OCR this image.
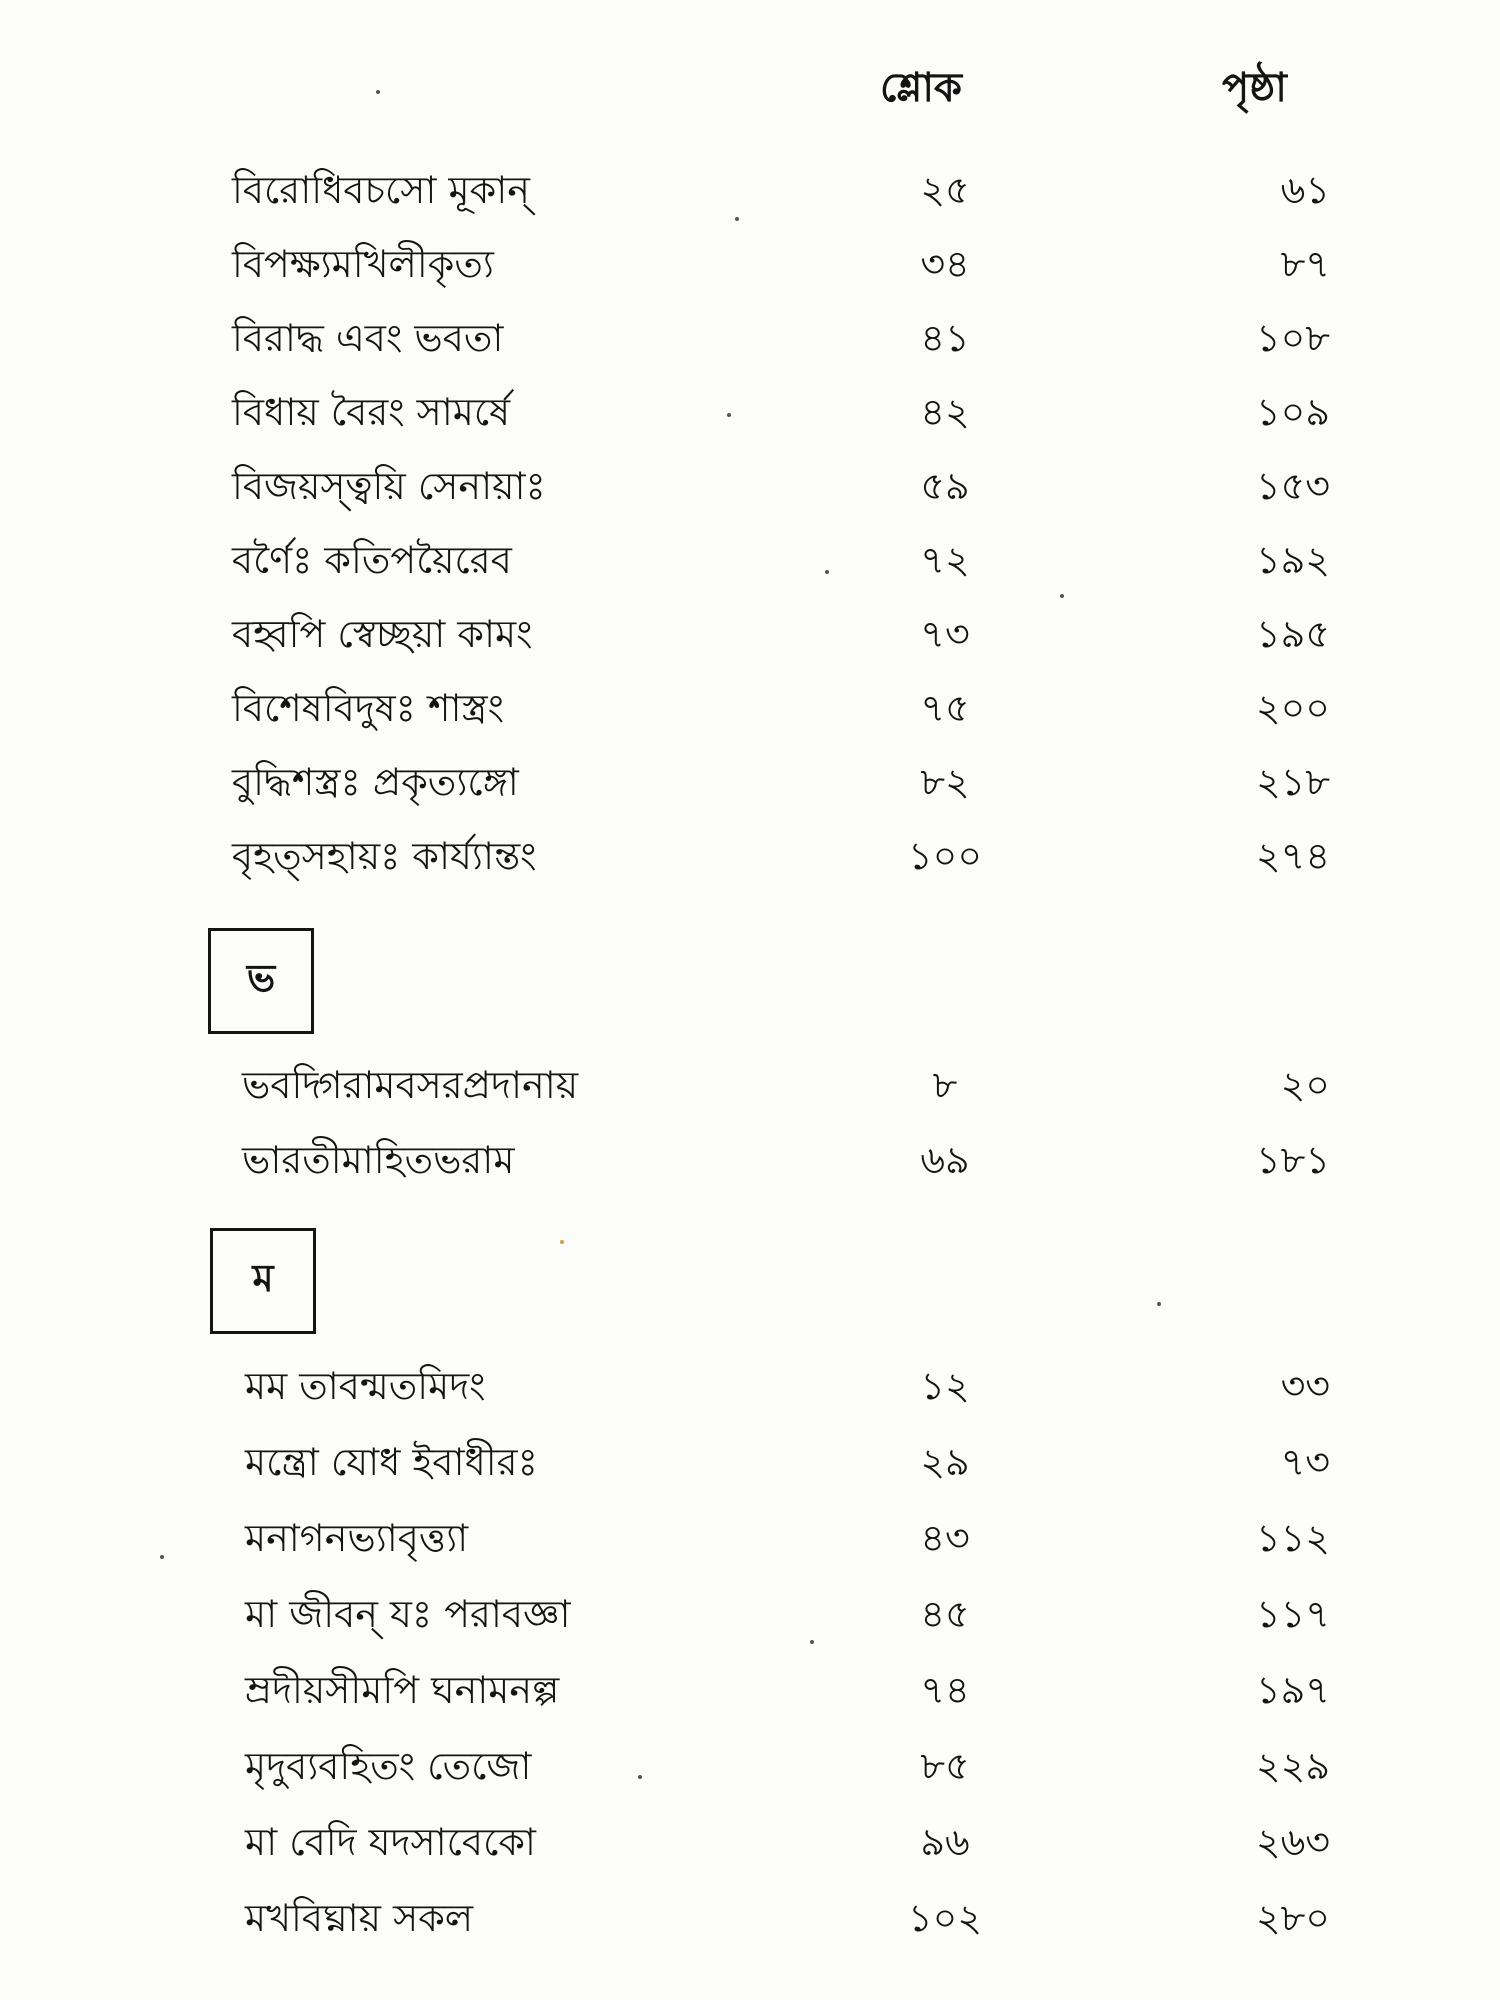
শ্লোক	পৃষ্ঠা
বিরোধিবচসো মূকান্	২৫	৬১
বিপক্ষ্যমখিলীকৃত্য	৩৪	৮৭
বিরাদ্ধ এবং ভবতা	৪১	১০৮
বিধায় বৈরং সামর্ষে	৪২	১০৯
বিজয়স্ত্বয়ি সেনায়াঃ	৫৯	১৫৩
বর্ণৈঃ কতিপয়ৈরেব	৭২	১৯২
বহ্বপি স্বেচ্ছয়া কামং	৭৩	১৯৫
বিশেষবিদুষঃ শাস্ত্রং	৭৫	২০০
বুদ্ধিশস্ত্রঃ প্রকৃত্যঙ্গো	৮২	২১৮
বৃহত্সহায়ঃ কার্য্যান্তং	১০০	২৭৪
ভ
ভবদ্গিরামবসরপ্রদানায়	৮	২০
ভারতীমাহিতভরাম	৬৯	১৮১
ম
মম তাবন্মতমিদং	১২	৩৩
মন্ত্রো যোধ ইবাধীরঃ	২৯	৭৩
মনাগনভ্যাবৃত্ত্যা	৪৩	১১২
মা জীবন্ যঃ পরাবজ্ঞা	৪৫	১১৭
ম্রদীয়সীমপি ঘনামনল্প	৭৪	১৯৭
মৃদুব্যবহিতং তেজো	৮৫	২২৯
মা বেদি যদসাবেকো	৯৬	২৬৩
মখবিঘ্নায় সকল	১০২	২৮০
